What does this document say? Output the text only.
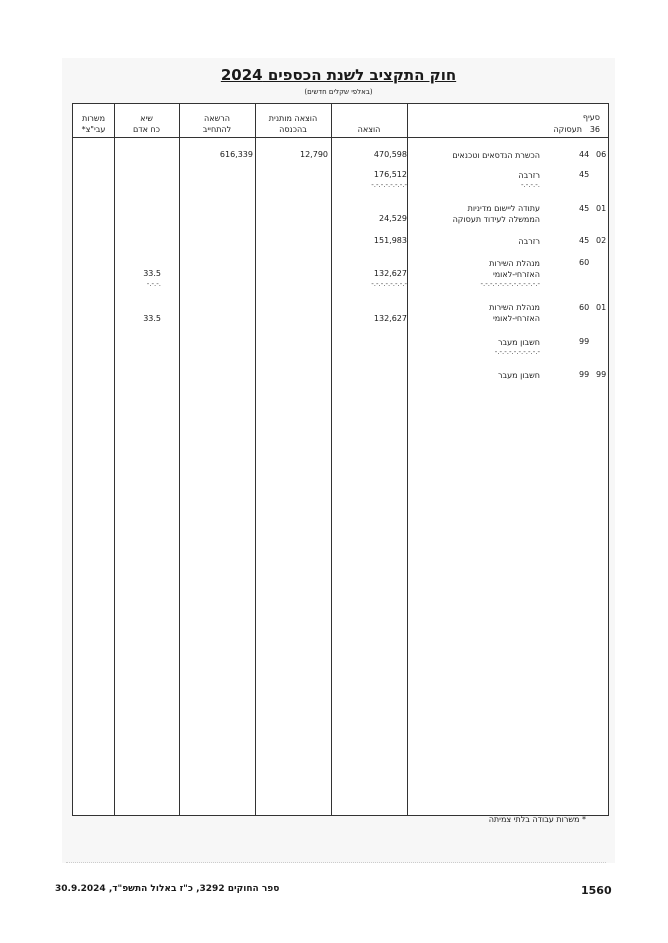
חוק התקציב לשנת הכספים 2024
(באלפי שקלים חדשים)
סעיף
36
תעסוקה
הוצאה
הוצאה מותנית
בהכנסה
הרשאה
להתחייב
שיא
כח אדם
משרות
עבי"צ*
44 06
הכשרת הנדסאים וטכנאים
470,598
12,790
616,339
45
רזרבה
-.-.-.-.
176,512
-.-.-.-.-.-.-.-
45 01
עתודה ליישום מדיניות
הממשלה לעידוד תעסוקה
24,529
45 02
רזרבה
151,983
60
מנהלת השירות
האזרחי-לאומי
-.-.-.-.-.-.-.-.-.-.-.-.-
132,627
-.-.-.-.-.-.-.-
33.5
-.-.-.
60 01
מנהלת השירות
האזרחי-לאומי
132,627
33.5
99
חשבון מעבר
-.-.-.-.-.-.-.-.-.-
99 99
חשבון מעבר
* משרות עבודה בלתי צמיתה
ספר החוקים 3292, כ"ז באלול התשפ"ד, 30.9.2024	1560
